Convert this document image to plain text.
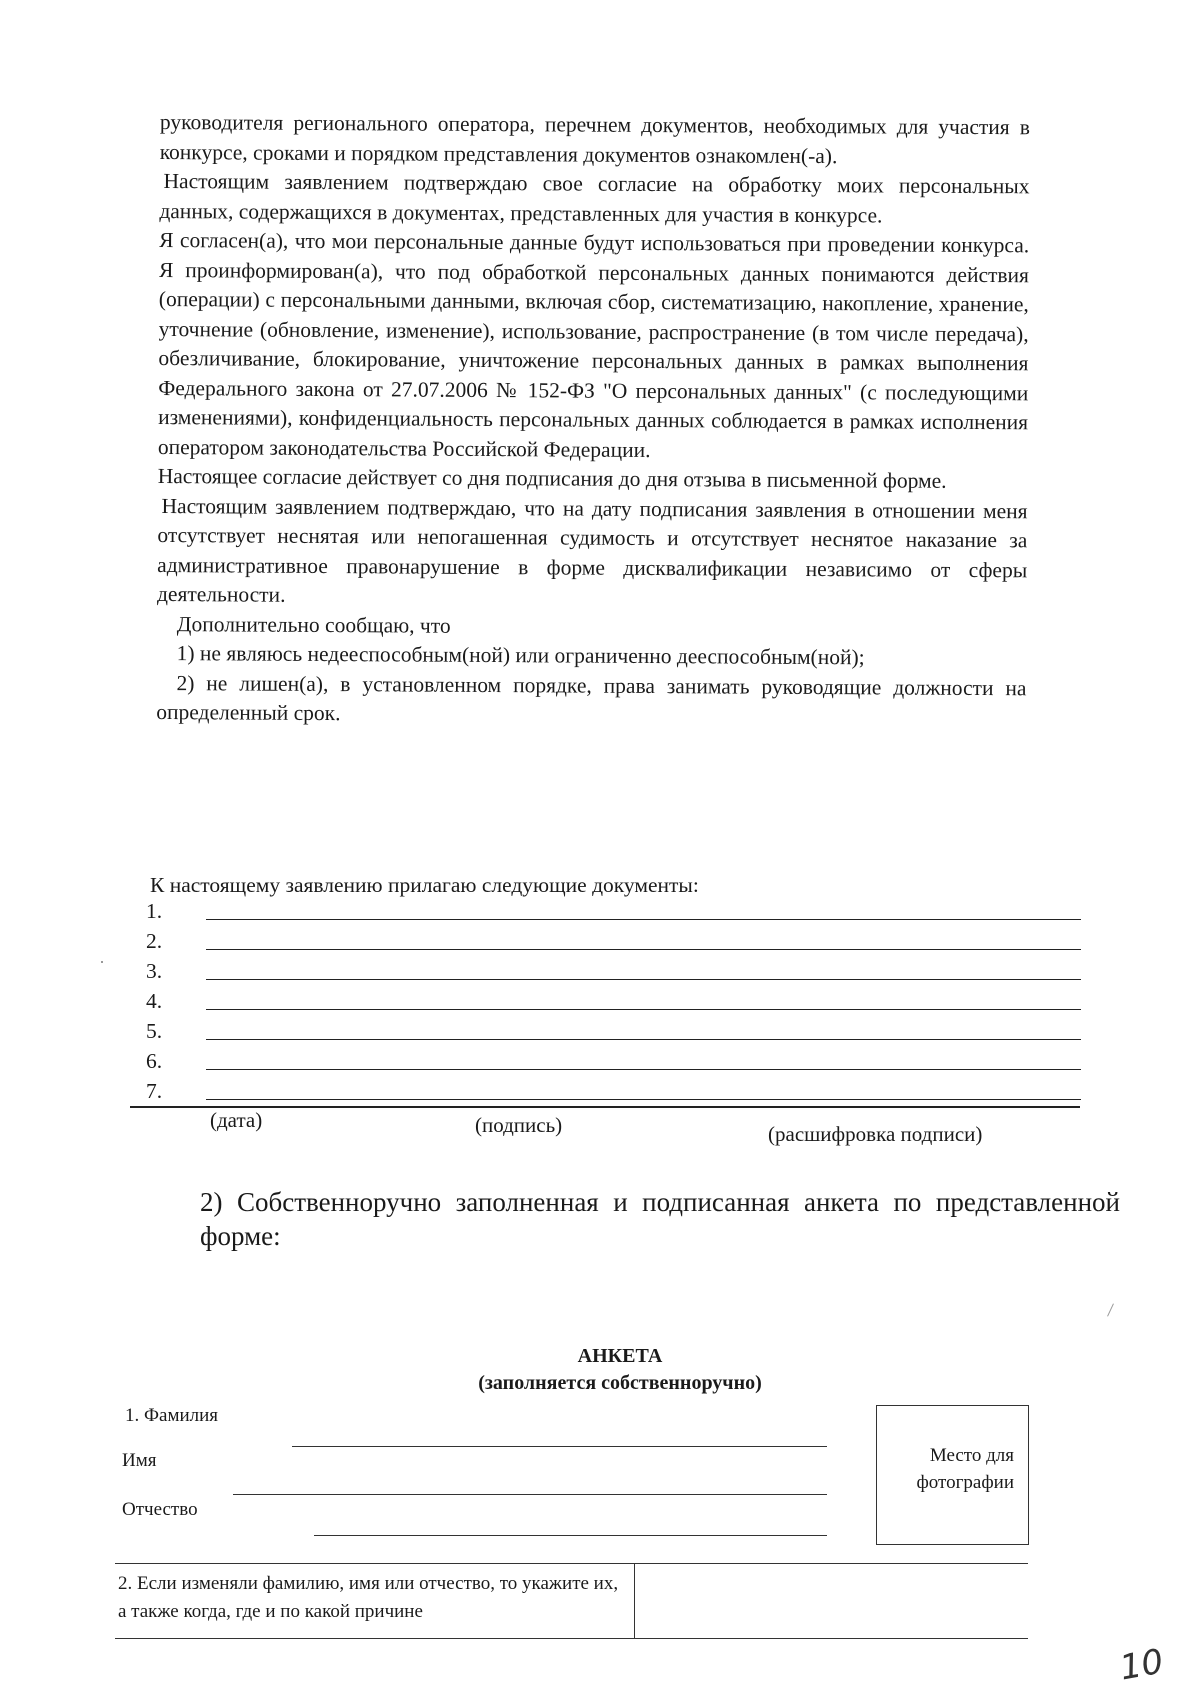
руководителя регионального оператора, перечнем документов, необходимых для участия в конкурсе, сроками и порядком представления документов ознакомлен(-а).

Настоящим заявлением подтверждаю свое согласие на обработку моих персональных данных, содержащихся в документах, представленных для участия в конкурсе.

Я согласен(а), что мои персональные данные будут использоваться при проведении конкурса. Я проинформирован(а), что под обработкой персональных данных понимаются действия (операции) с персональными данными, включая сбор, систематизацию, накопление, хранение, уточнение (обновление, изменение), использование, распространение (в том числе передача), обезличивание, блокирование, уничтожение персональных данных в рамках выполнения Федерального закона от 27.07.2006 № 152-ФЗ "О персональных данных" (с последующими изменениями), конфиденциальность персональных данных соблюдается в рамках исполнения оператором законодательства Российской Федерации.

Настоящее согласие действует со дня подписания до дня отзыва в письменной форме.

Настоящим заявлением подтверждаю, что на дату подписания заявления в отношении меня отсутствует неснятая или непогашенная судимость и отсутствует неснятое наказание за административное правонарушение в форме дисквалификации независимо от сферы деятельности.

Дополнительно сообщаю, что

1) не являюсь недееспособным(ной) или ограниченно дееспособным(ной);

2) не лишен(а), в установленном порядке, права занимать руководящие должности на определенный срок.

К настоящему заявлению прилагаю следующие документы:
1.
2.
3.
4.
5.
6.
7.
(дата)	(подпись)	(расшифровка подписи)
2) Собственноручно заполненная и подписанная анкета по представленной форме:
АНКЕТА
(заполняется собственноручно)
1. Фамилия
Имя
Отчество
Место для фотографии
2. Если изменяли фамилию, имя или отчество, то укажите их, а также когда, где и по какой причине
10
